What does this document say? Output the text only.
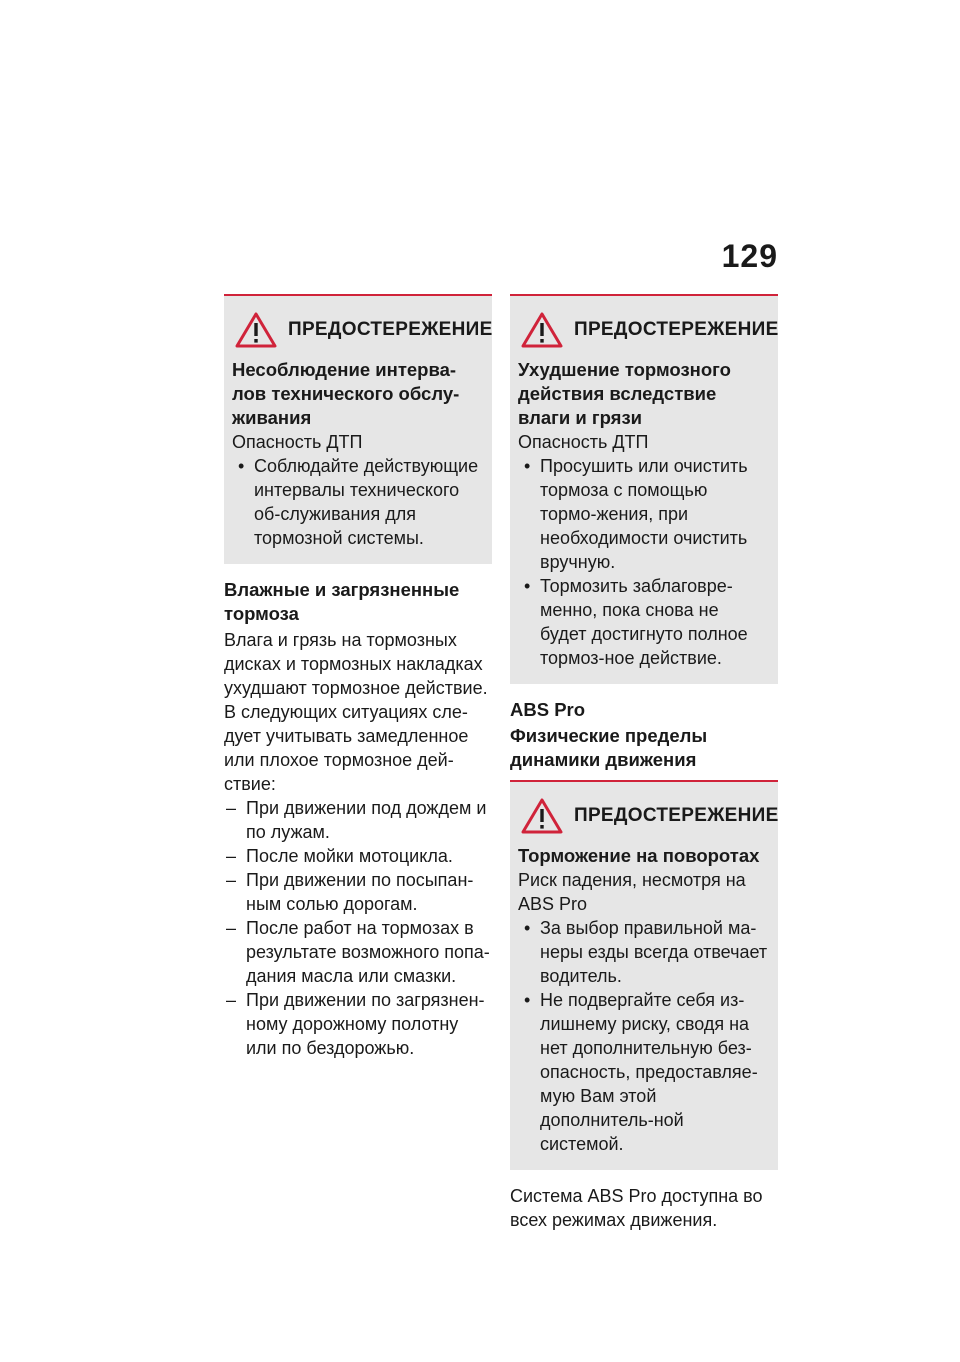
129
ПРЕДОСТЕРЕЖЕНИЕ
Несоблюдение интерва-лов технического обслу-живания
Опасность ДТП
• Соблюдайте действующие интервалы технического об-служивания для тормозной системы.
Влажные и загрязненные тормоза

Влага и грязь на тормозных дисках и тормозных накладках ухудшают тормозное действие. В следующих ситуациях сле-дует учитывать замедленное или плохое тормозное дей-ствие:

– При движении под дождем и по лужам.
– После мойки мотоцикла.
– При движении по посыпан-ным солью дорогам.
– После работ на тормозах в результате возможного попа-дания масла или смазки.
– При движении по загрязнен-ному дорожному полотну или по бездорожью.
ПРЕДОСТЕРЕЖЕНИЕ
Ухудшение тормозного действия вследствие влаги и грязи
Опасность ДТП
• Просушить или очистить тормоза с помощью тормо-жения, при необходимости очистить вручную.
• Тормозить заблаговре-менно, пока снова не будет достигнуто полное тормоз-ное действие.
ABS Pro
Физические пределы динамики движения
ПРЕДОСТЕРЕЖЕНИЕ
Торможение на поворотах
Риск падения, несмотря на ABS Pro
• За выбор правильной ма-неры езды всегда отвечает водитель.
• Не подвергайте себя из-лишнему риску, сводя на нет дополнительную без-опасность, предоставляе-мую Вам этой дополнитель-ной системой.

Система ABS Pro доступна во всех режимах движения.
